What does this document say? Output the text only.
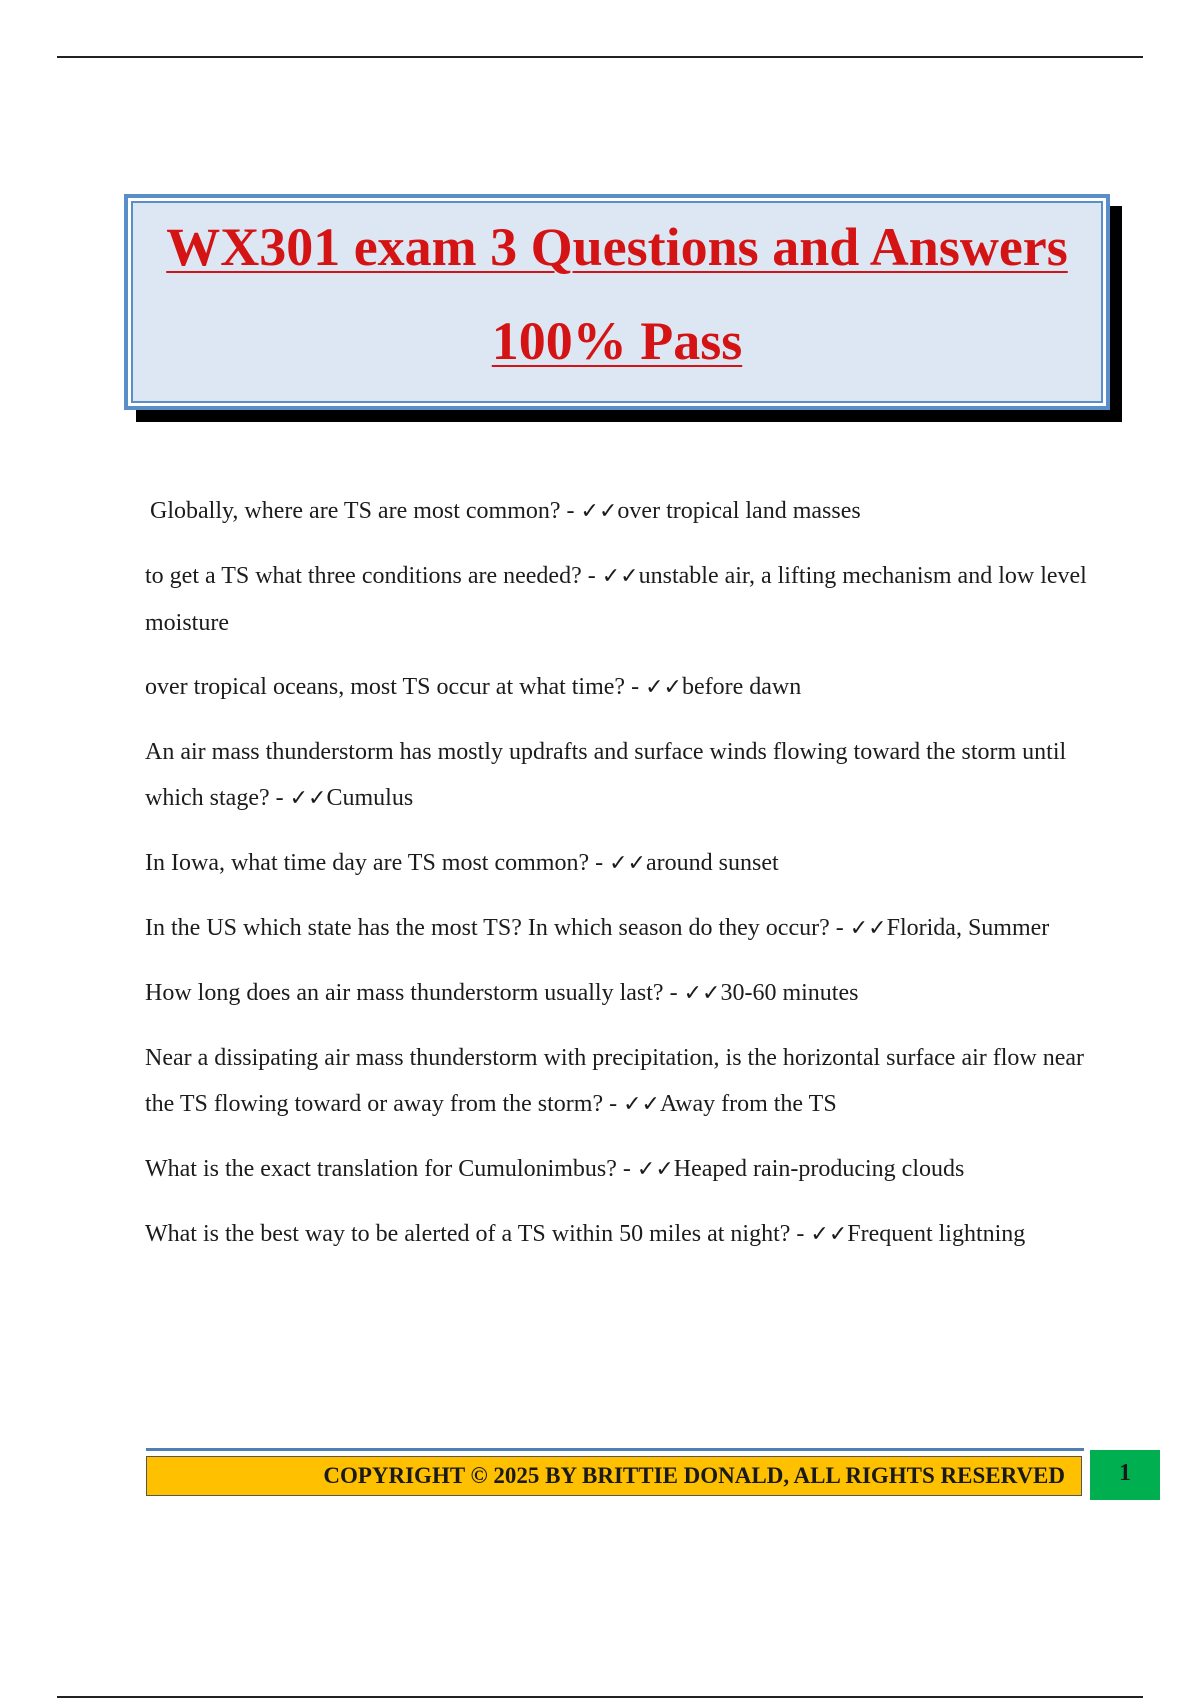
WX301 exam 3 Questions and Answers
100% Pass
Globally, where are TS are most common? - ✓✓over tropical land masses
to get a TS what three conditions are needed? - ✓✓unstable air, a lifting mechanism and low level moisture
over tropical oceans, most TS occur at what time? - ✓✓before dawn
An air mass thunderstorm has mostly updrafts and surface winds flowing toward the storm until which stage? - ✓✓Cumulus
In Iowa, what time day are TS most common? - ✓✓around sunset
In the US which state has the most TS? In which season do they occur? - ✓✓Florida, Summer
How long does an air mass thunderstorm usually last? - ✓✓30-60 minutes
Near a dissipating air mass thunderstorm with precipitation, is the horizontal surface air flow near the TS flowing toward or away from the storm? - ✓✓Away from the TS
What is the exact translation for Cumulonimbus? - ✓✓Heaped rain-producing clouds
What is the best way to be alerted of a TS within 50 miles at night? - ✓✓Frequent lightning
COPYRIGHT © 2025 BY BRITTIE DONALD, ALL RIGHTS RESERVED	1
